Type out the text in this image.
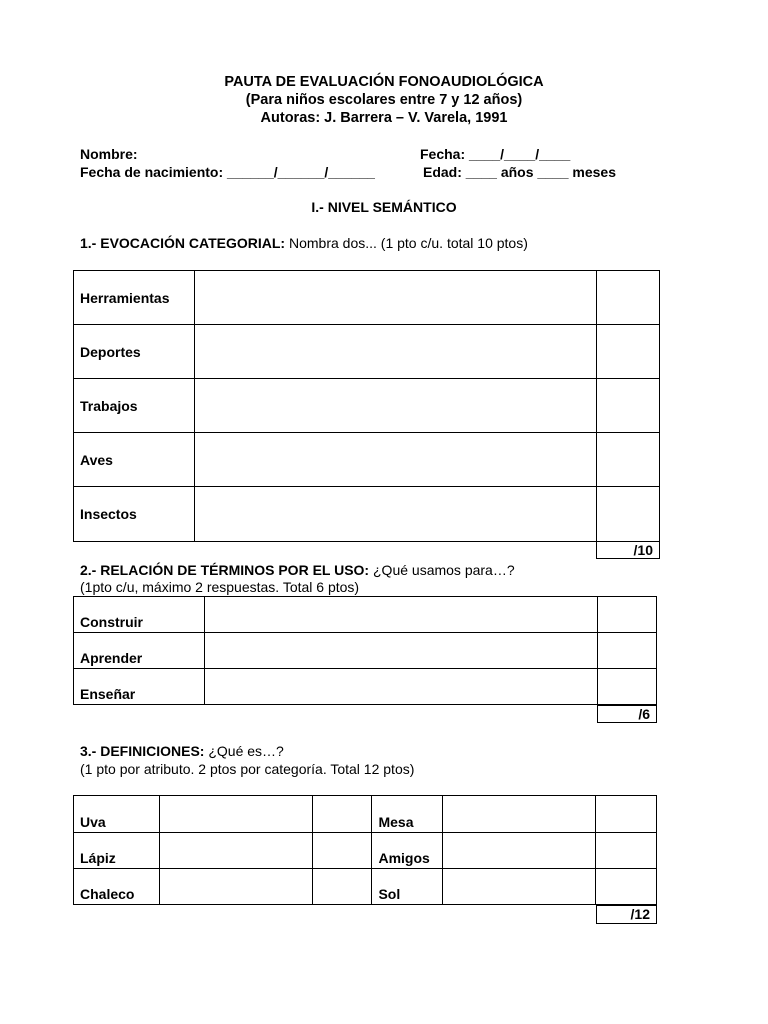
PAUTA DE EVALUACIÓN FONOAUDIOLÓGICA
(Para niños escolares entre 7 y 12 años)
Autoras: J. Barrera – V. Varela, 1991
Nombre:	Fecha: ____/____/____
Fecha de nacimiento: ______/______/______	Edad: ____ años ____ meses
I.- NIVEL SEMÁNTICO
1.- EVOCACIÓN CATEGORIAL: Nombra dos... (1 pto c/u. total 10 ptos)
Herramientas		
Deportes		
Trabajos		
Aves		
Insectos		
/10
2.- RELACIÓN DE TÉRMINOS POR EL USO: ¿Qué usamos para…?
(1pto c/u, máximo 2 respuestas. Total 6 ptos)
Construir		
Aprender		
Enseñar		
/6
3.- DEFINICIONES: ¿Qué es…?
(1 pto por atributo. 2 ptos por categoría. Total 12 ptos)
Uva			Mesa		
Lápiz			Amigos		
Chaleco			Sol		
/12
